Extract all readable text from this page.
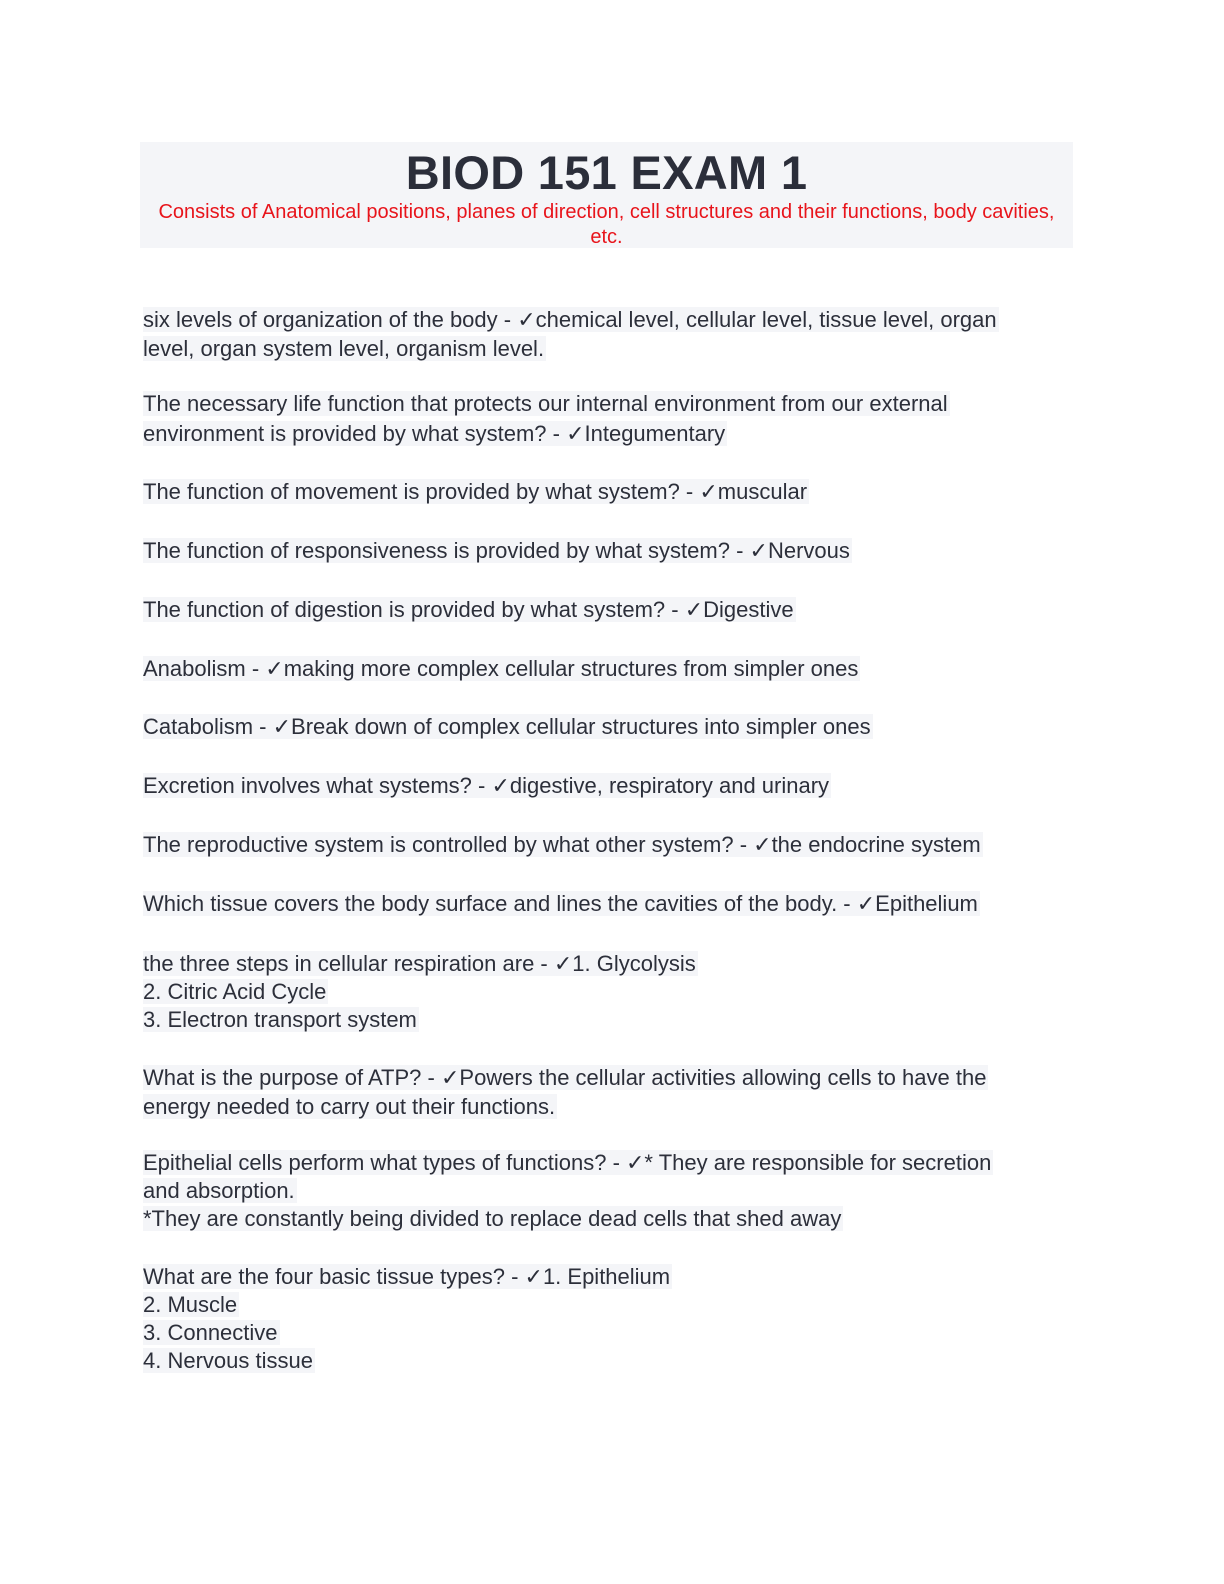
BIOD 151 EXAM 1

Consists of Anatomical positions, planes of direction, cell structures and their functions, body cavities, etc.

six levels of organization of the body - ✓chemical level, cellular level, tissue level, organ
level, organ system level, organism level.
The necessary life function that protects our internal environment from our external
environment is provided by what system? - ✓Integumentary
The function of movement is provided by what system? - ✓muscular
The function of responsiveness is provided by what system? - ✓Nervous
The function of digestion is provided by what system? - ✓Digestive
Anabolism - ✓making more complex cellular structures from simpler ones
Catabolism - ✓Break down of complex cellular structures into simpler ones
Excretion involves what systems? - ✓digestive, respiratory and urinary
The reproductive system is controlled by what other system? - ✓the endocrine system
Which tissue covers the body surface and lines the cavities of the body. - ✓Epithelium
the three steps in cellular respiration are - ✓1. Glycolysis
2. Citric Acid Cycle
3. Electron transport system
What is the purpose of ATP? - ✓Powers the cellular activities allowing cells to have the
energy needed to carry out their functions.
Epithelial cells perform what types of functions? - ✓* They are responsible for secretion
and absorption.
*They are constantly being divided to replace dead cells that shed away
What are the four basic tissue types? - ✓1. Epithelium
2. Muscle
3. Connective
4. Nervous tissue
